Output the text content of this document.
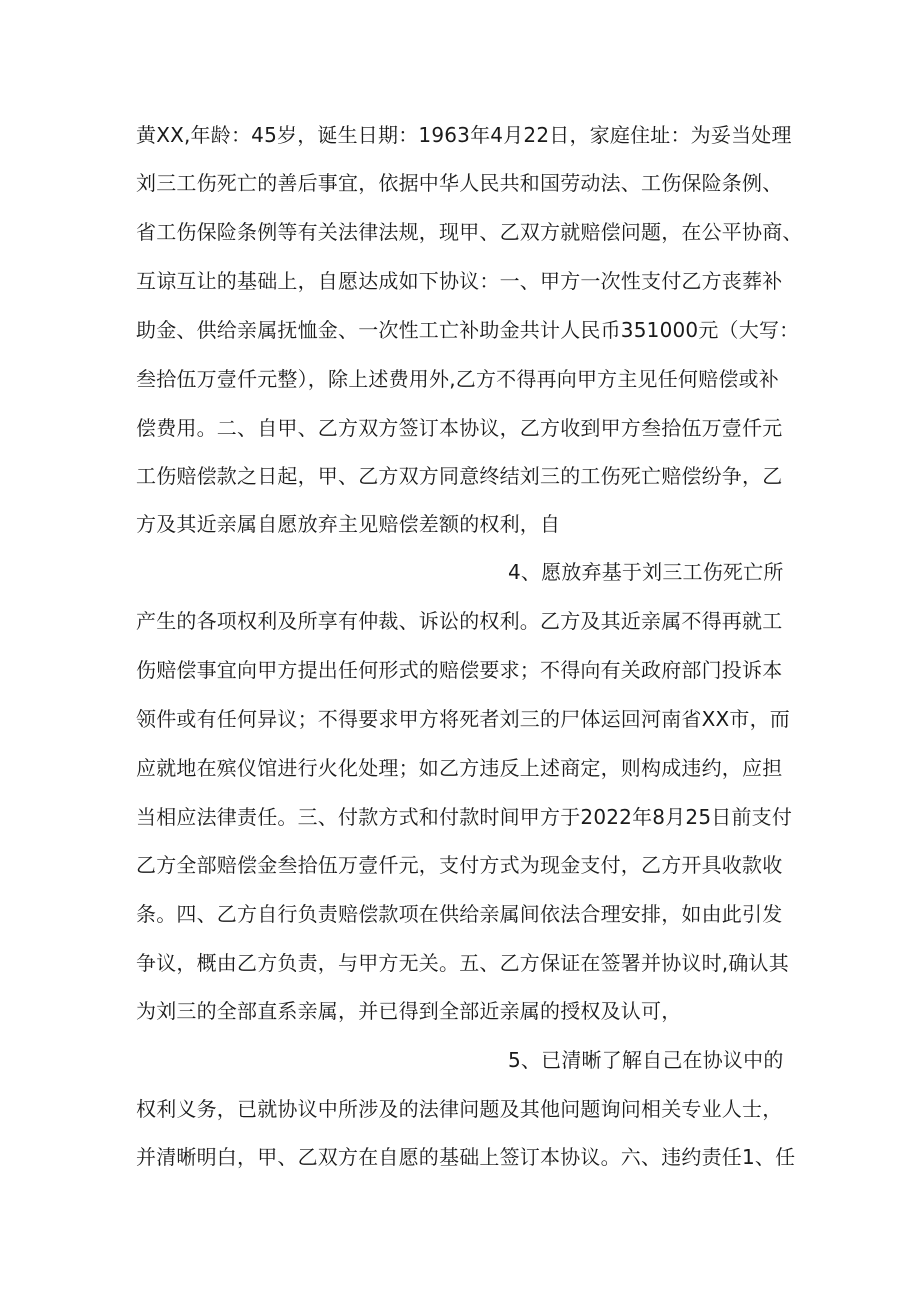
黄XX,年龄：45岁，诞生日期：1963年4月22日，家庭住址：为妥当处理
刘三工伤死亡的善后事宜，依据中华人民共和国劳动法、工伤保险条例、
省工伤保险条例等有关法律法规，现甲、乙双方就赔偿问题，在公平协商、
互谅互让的基础上，自愿达成如下协议：一、甲方一次性支付乙方丧葬补
助金、供给亲属抚恤金、一次性工亡补助金共计人民币351000元（大写：
叁拾伍万壹仟元整），除上述费用外,乙方不得再向甲方主见任何赔偿或补
偿费用。二、自甲、乙方双方签订本协议，乙方收到甲方叁拾伍万壹仟元
工伤赔偿款之日起，甲、乙方双方同意终结刘三的工伤死亡赔偿纷争，乙
方及其近亲属自愿放弃主见赔偿差额的权利，自
4、愿放弃基于刘三工伤死亡所
产生的各项权利及所享有仲裁、诉讼的权利。乙方及其近亲属不得再就工
伤赔偿事宜向甲方提出任何形式的赔偿要求；不得向有关政府部门投诉本
领件或有任何异议；不得要求甲方将死者刘三的尸体运回河南省XX市，而
应就地在殡仪馆进行火化处理；如乙方违反上述商定，则构成违约，应担
当相应法律责任。三、付款方式和付款时间甲方于2022年8月25日前支付
乙方全部赔偿金叁拾伍万壹仟元，支付方式为现金支付，乙方开具收款收
条。四、乙方自行负责赔偿款项在供给亲属间依法合理安排，如由此引发
争议，概由乙方负责，与甲方无关。五、乙方保证在签署并协议时,确认其
为刘三的全部直系亲属，并已得到全部近亲属的授权及认可，
5、已清晰了解自己在协议中的
权利义务，已就协议中所涉及的法律问题及其他问题询问相关专业人士，
并清晰明白，甲、乙双方在自愿的基础上签订本协议。六、违约责任1、任
